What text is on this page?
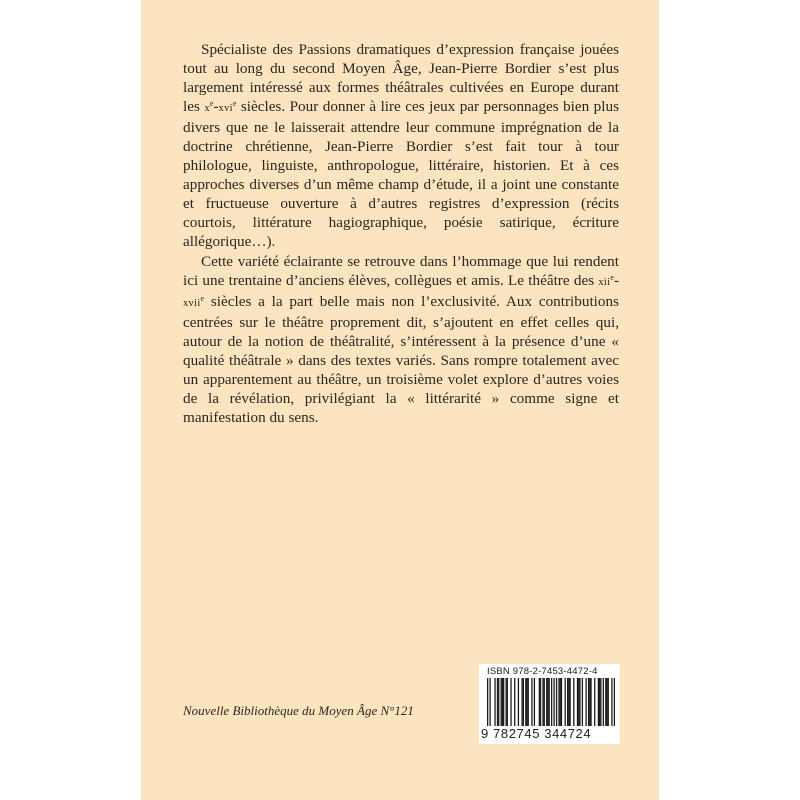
Spécialiste des Passions dramatiques d’expression française jouées tout au long du second Moyen Âge, Jean-Pierre Bordier s’est plus largement intéressé aux formes théâtrales cultivées en Europe durant les $x^e-xvi^e$ siècles. Pour donner à lire ces jeux par personnages bien plus divers que ne le laisserait attendre leur commune imprégnation de la doctrine chrétienne, Jean-Pierre Bordier s’est fait tour à tour philologue, linguiste, anthropologue, littéraire, historien. Et à ces approches diverses d’un même champ d’étude, il a joint une constante et fructueuse ouverture à d’autres registres d’expression (récits courtois, littérature hagiographique, poésie satirique, écriture allégorique…).

Cette variété éclairante se retrouve dans l’hommage que lui rendent ici une trentaine d’anciens élèves, collègues et amis. Le théâtre des xii$^e$-xvii$^e$ siècles a la part belle mais non l’exclusivité. Aux contributions centrées sur le théâtre proprement dit, s’ajoutent en effet celles qui, autour de la notion de théâtralité, s’intéressent à la présence d’une « qualité théâtrale » dans des textes variés. Sans rompre totalement avec un apparentement au théâtre, un troisième volet explore d’autres voies de la révélation, privilégiant la « littérarité » comme signe et manifestation du sens.

Nouvelle Bibliothèque du Moyen Âge N°121
ISBN 978-2-7453-4472-4
9 782745 344724
